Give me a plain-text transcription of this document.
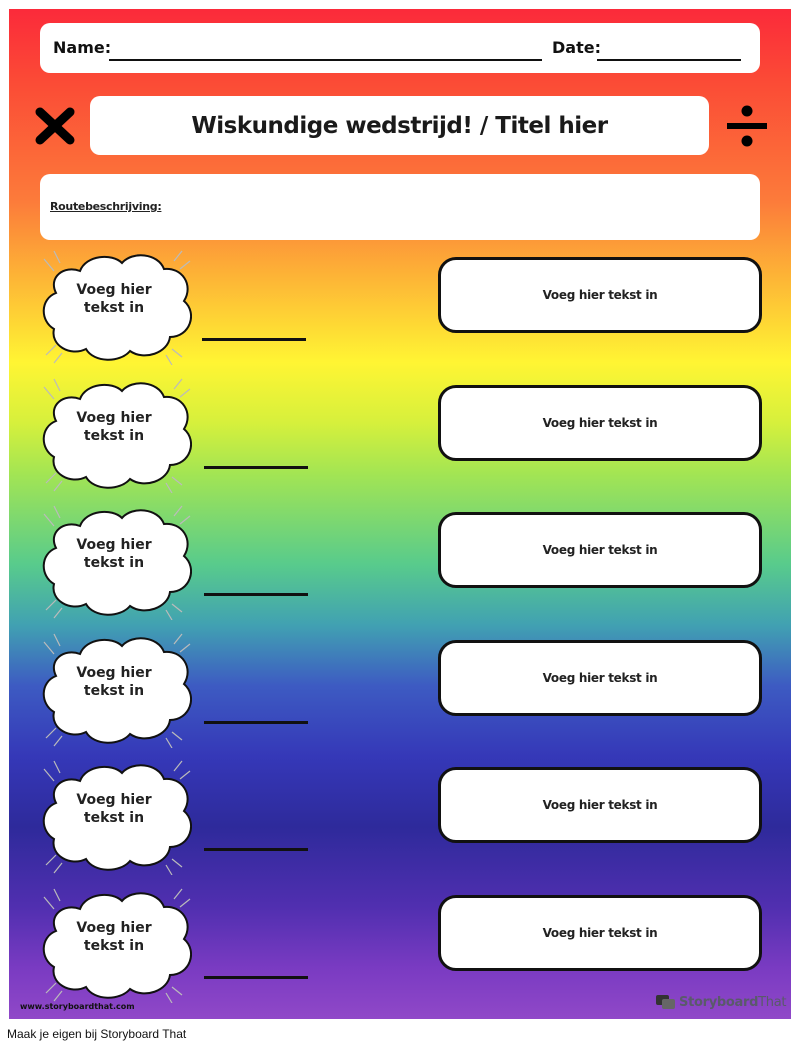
Name:	Date:
Wiskundige wedstrijd! / Titel hier
Routebeschrijving:
Voeg hier
tekst in
Voeg hier tekst in
Voeg hier
tekst in
Voeg hier tekst in
Voeg hier
tekst in
Voeg hier tekst in
Voeg hier
tekst in
Voeg hier tekst in
Voeg hier
tekst in
Voeg hier tekst in
Voeg hier
tekst in
Voeg hier tekst in
www.storyboardthat.com	StoryboardThat
Maak je eigen bij Storyboard That
